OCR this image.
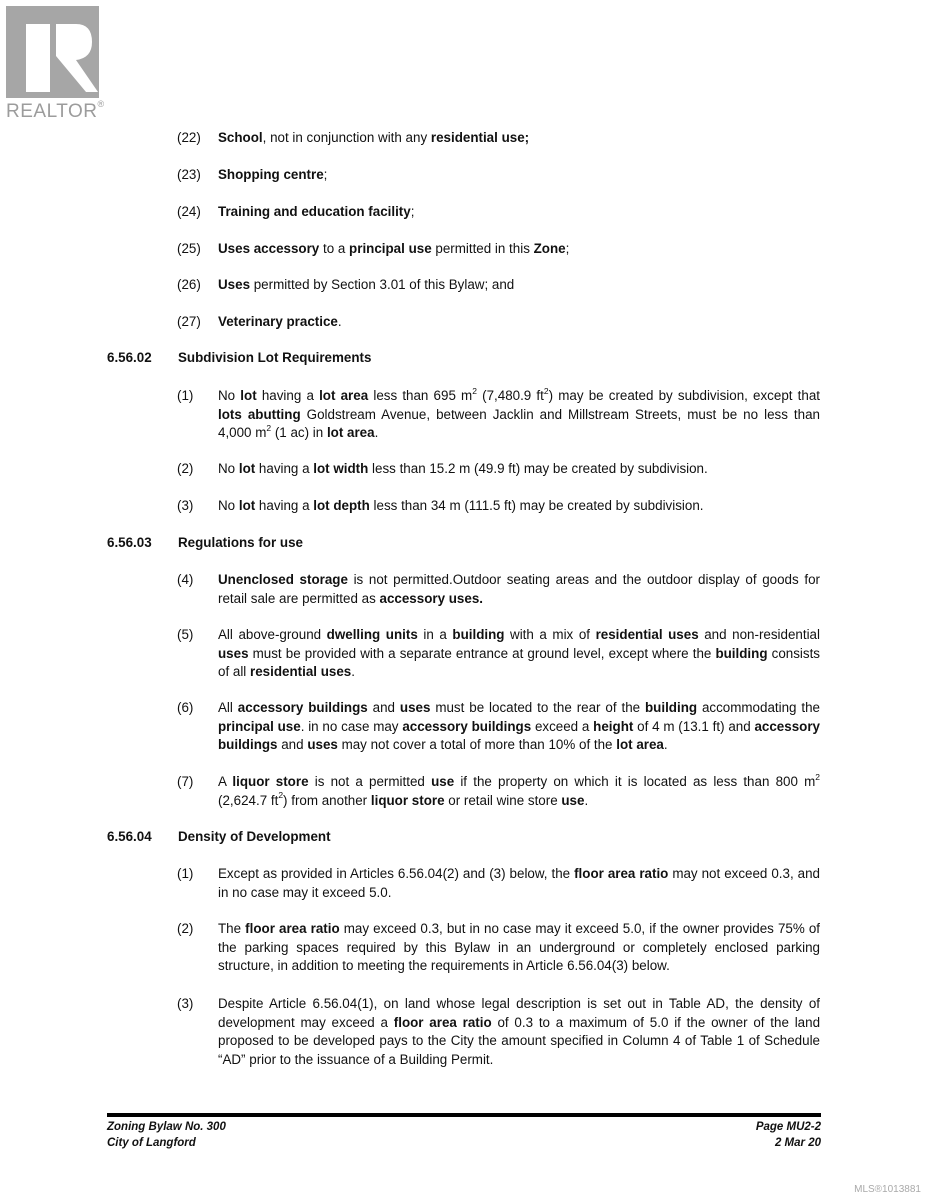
REALTOR®
(22)	School, not in conjunction with any residential use;
(23)	Shopping centre;
(24)	Training and education facility;
(25)	Uses accessory to a principal use permitted in this Zone;
(26)	Uses permitted by Section 3.01 of this Bylaw; and
(27)	Veterinary practice.
6.56.02 Subdivision Lot Requirements
(1)	No lot having a lot area less than 695 $m^2$ (7,480.9 $ft^2$) may be created by subdivision, except that lots abutting Goldstream Avenue, between Jacklin and Millstream Streets, must be no less than 4,000 $m^2$ (1 ac) in lot area.
(2)	No lot having a lot width less than 15.2 m (49.9 ft) may be created by subdivision.
(3)	No lot having a lot depth less than 34 m (111.5 ft) may be created by subdivision.
6.56.03 Regulations for use
(4)	Unenclosed storage is not permitted.Outdoor seating areas and the outdoor display of goods for retail sale are permitted as accessory uses.
(5)	All above-ground dwelling units in a building with a mix of residential uses and non-residential uses must be provided with a separate entrance at ground level, except where the building consists of all residential uses.
(6)	All accessory buildings and uses must be located to the rear of the building accommodating the principal use. in no case may accessory buildings exceed a height of 4 m (13.1 ft) and accessory buildings and uses may not cover a total of more than 10% of the lot area.
(7)	A liquor store is not a permitted use if the property on which it is located as less than 800 $m^2$ (2,624.7 $ft^2$) from another liquor store or retail wine store use.
6.56.04 Density of Development
(1)	Except as provided in Articles 6.56.04(2) and (3) below, the floor area ratio may not exceed 0.3, and in no case may it exceed 5.0.
(2)	The floor area ratio may exceed 0.3, but in no case may it exceed 5.0, if the owner provides 75% of the parking spaces required by this Bylaw in an underground or completely enclosed parking structure, in addition to meeting the requirements in Article 6.56.04(3) below.
(3)	Despite Article 6.56.04(1), on land whose legal description is set out in Table AD, the density of development may exceed a floor area ratio of 0.3 to a maximum of 5.0 if the owner of the land proposed to be developed pays to the City the amount specified in Column 4 of Table 1 of Schedule “AD” prior to the issuance of a Building Permit.
Zoning Bylaw No. 300
City of Langford
Page MU2-2
2 Mar 20
MLS®1013881
